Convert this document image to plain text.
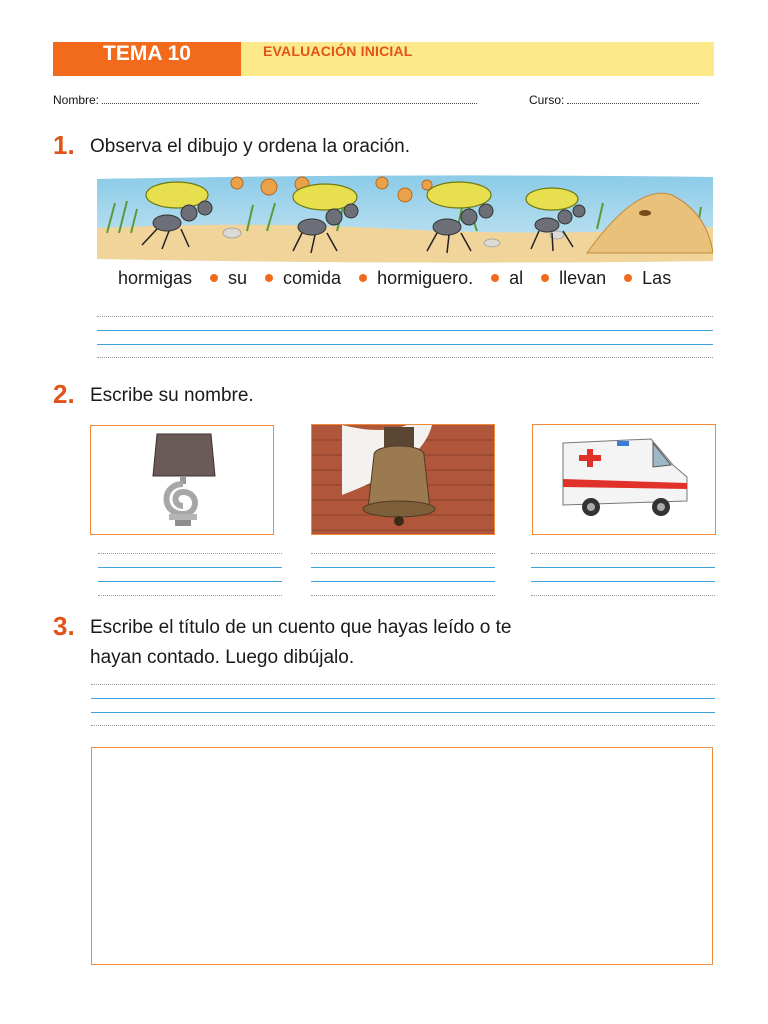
TEMA 10	EVALUACIÓN INICIAL
Nombre:	Curso:
1. Observa el dibujo y ordena la oración.
hormigas su comida hormiguero. al llevan Las
2. Escribe su nombre.
3. Escribe el título de un cuento que hayas leído o te
hayan contado. Luego dibújalo.
